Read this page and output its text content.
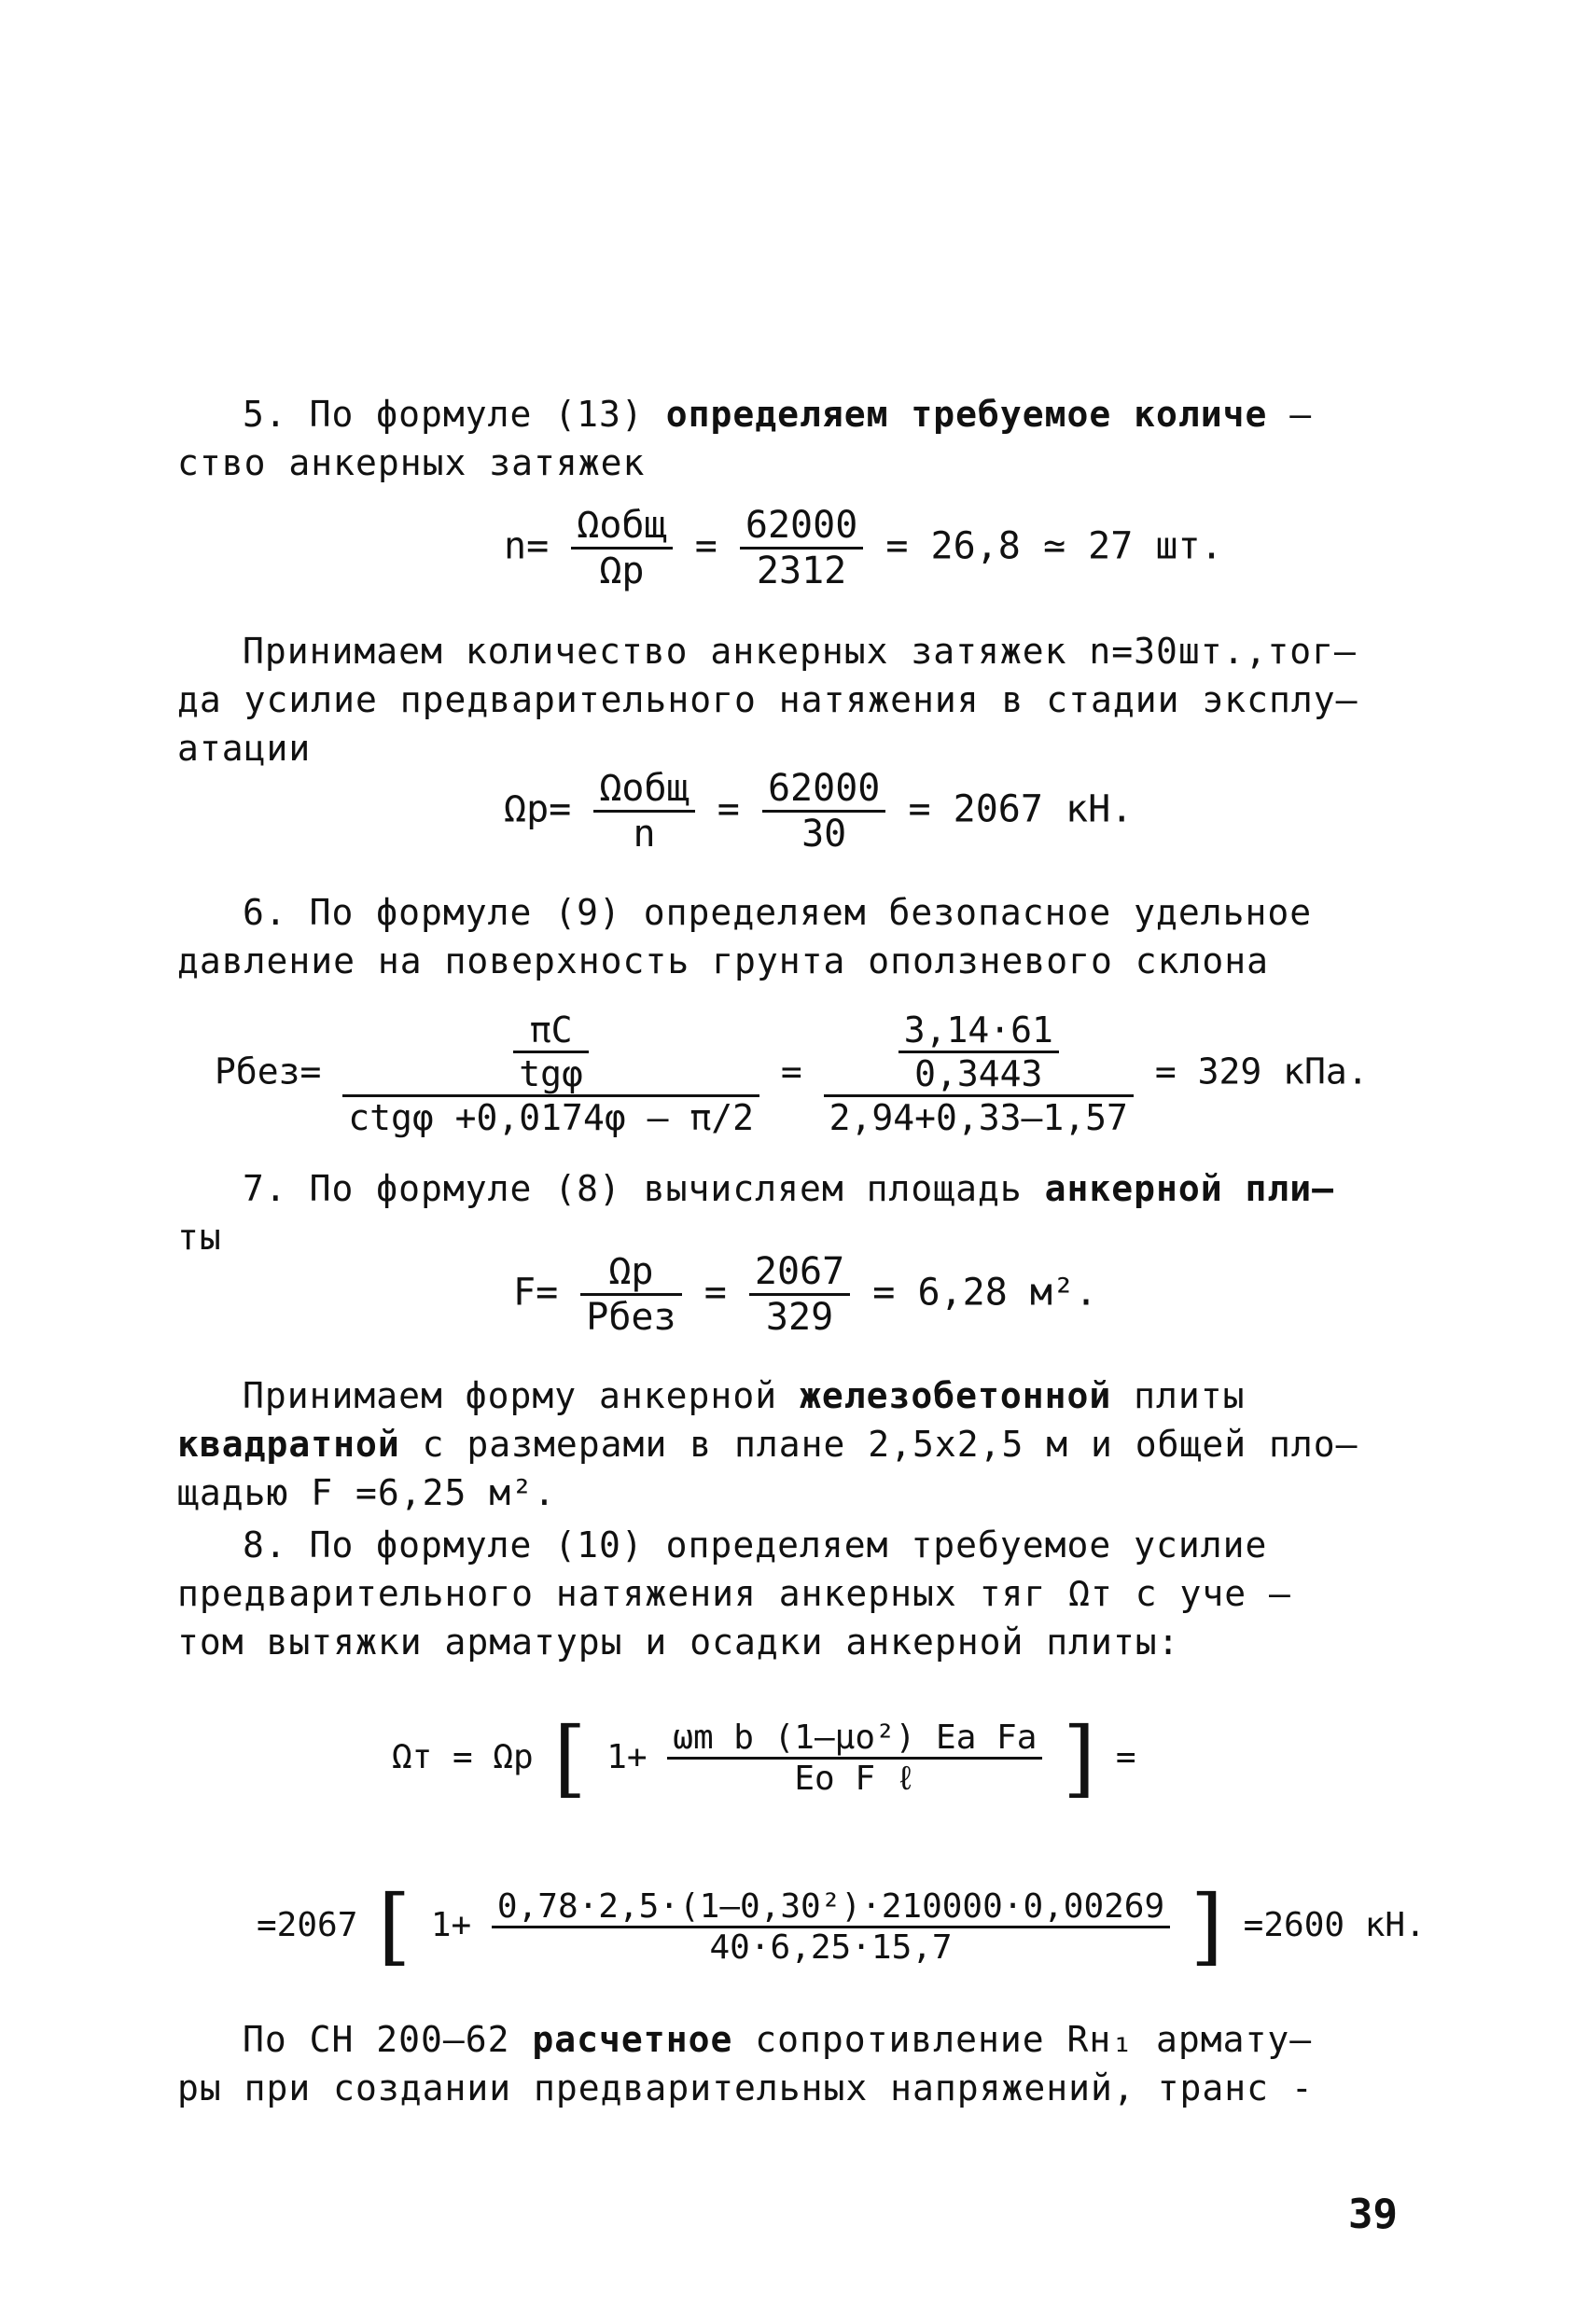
5. По формуле (13) определяем требуемое количе –
ство анкерных затяжек

$n= \frac{\text{Ωобщ}}{\Omega р} = \frac{62000}{2312} = 26,8$ ≃ 27 шт.

Принимаем количество анкерных затяжек n=30шт.,тог–
да усилие предварительного натяжения в стадии эксплу–
атации

$\Omega р= \frac{\text{Ωобщ}}{n} = \frac{62000}{30} = 2067$ кН.

6. По формуле (9) определяем безопасное удельное
давление на поверхность грунта оползневого склона

Рбез= $\frac{\frac{\pi C}{\text{tgφ}}}{\text{ctgφ +0,0174φ – π/2}} = \frac{\frac{3,14\cdot 61}{0,3443}}{2,94+0,33-1,57} = 329$ кПа.

7. По формуле (8) вычисляем площадь анкерной пли–
ты

$F= \frac{\Omega р}{\text{Рбез}} = \frac{2067}{329} = 6,28$ м².

Принимаем форму анкерной железобетонной плиты
квадратной с размерами в плане 2,5х2,5 м и общей пло–
щадью F =6,25 м².

8. По формуле (10) определяем требуемое усилие
предварительного натяжения анкерных тяг Ωт с уче –
том вытяжки арматуры и осадки анкерной плиты:

Ωт = Ωр [ $1+ \frac{\text{ωm b (1–μo²) Ea Fa}}{\text{Eo F ℓ}}$ ] =
=2067 [ $1+ \frac{\text{0,78·2,5·(1–0,30²)·210000·0,00269}}{40\cdot 6,25\cdot 15,7}$ ] =2600 кН.

По СН 200–62 расчетное сопротивление Rн₁ арматy–
ры при создании предварительных напряжений, транс -

39
